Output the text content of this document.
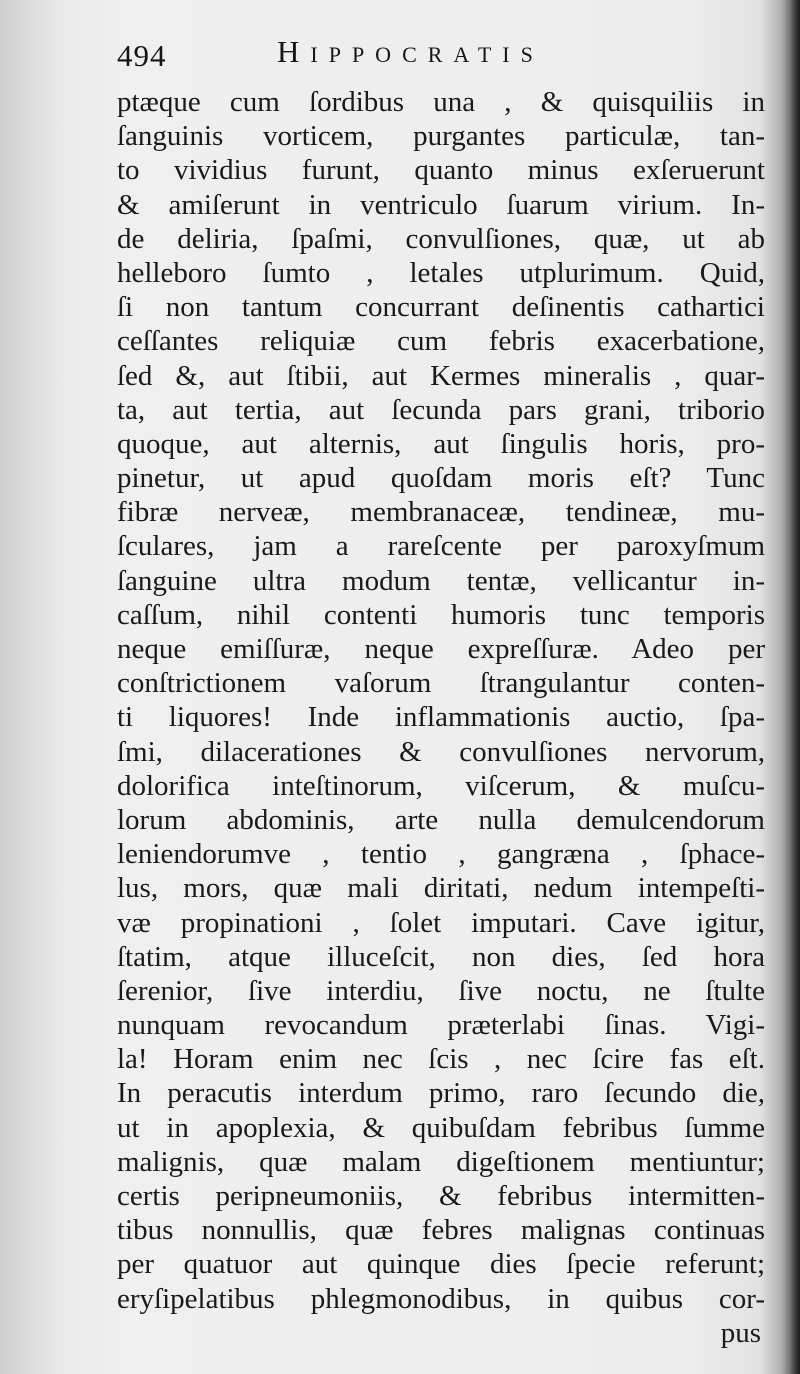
494	Hippocratis
ptæque cum ſordibus una , & quisquiliis in
ſanguinis vorticem, purgantes particulæ, tan-
to vividius furunt, quanto minus exſeruerunt
& amiſerunt in ventriculo ſuarum virium. In-
de deliria, ſpaſmi, convulſiones, quæ, ut ab
helleboro ſumto , letales utplurimum. Quid,
ſi non tantum concurrant deſinentis cathartici
ceſſantes reliquiæ cum febris exacerbatione,
ſed &, aut ſtibii, aut Kermes mineralis , quar-
ta, aut tertia, aut ſecunda pars grani, triborio
quoque, aut alternis, aut ſingulis horis, pro-
pinetur, ut apud quoſdam moris eſt? Tunc
fibræ nerveæ, membranaceæ, tendineæ, mu-
ſculares, jam a rareſcente per paroxyſmum
ſanguine ultra modum tentæ, vellicantur in-
caſſum, nihil contenti humoris tunc temporis
neque emiſſuræ, neque expreſſuræ. Adeo per
conſtrictionem vaſorum ſtrangulantur conten-
ti liquores! Inde inflammationis auctio, ſpa-
ſmi, dilacerationes & convulſiones nervorum,
dolorifica inteſtinorum, viſcerum, & muſcu-
lorum abdominis, arte nulla demulcendorum
leniendorumve , tentio , gangræna , ſphace-
lus, mors, quæ mali diritati, nedum intempeſti-
væ propinationi , ſolet imputari. Cave igitur,
ſtatim, atque illuceſcit, non dies, ſed hora
ſerenior, ſive interdiu, ſive noctu, ne ſtulte
nunquam revocandum præterlabi ſinas. Vigi-
la! Horam enim nec ſcis , nec ſcire fas eſt.
In peracutis interdum primo, raro ſecundo die,
ut in apoplexia, & quibuſdam febribus ſumme
malignis, quæ malam digeſtionem mentiuntur;
certis peripneumoniis, & febribus intermitten-
tibus nonnullis, quæ febres malignas continuas
per quatuor aut quinque dies ſpecie referunt;
eryſipelatibus phlegmonodibus, in quibus cor-
pus
